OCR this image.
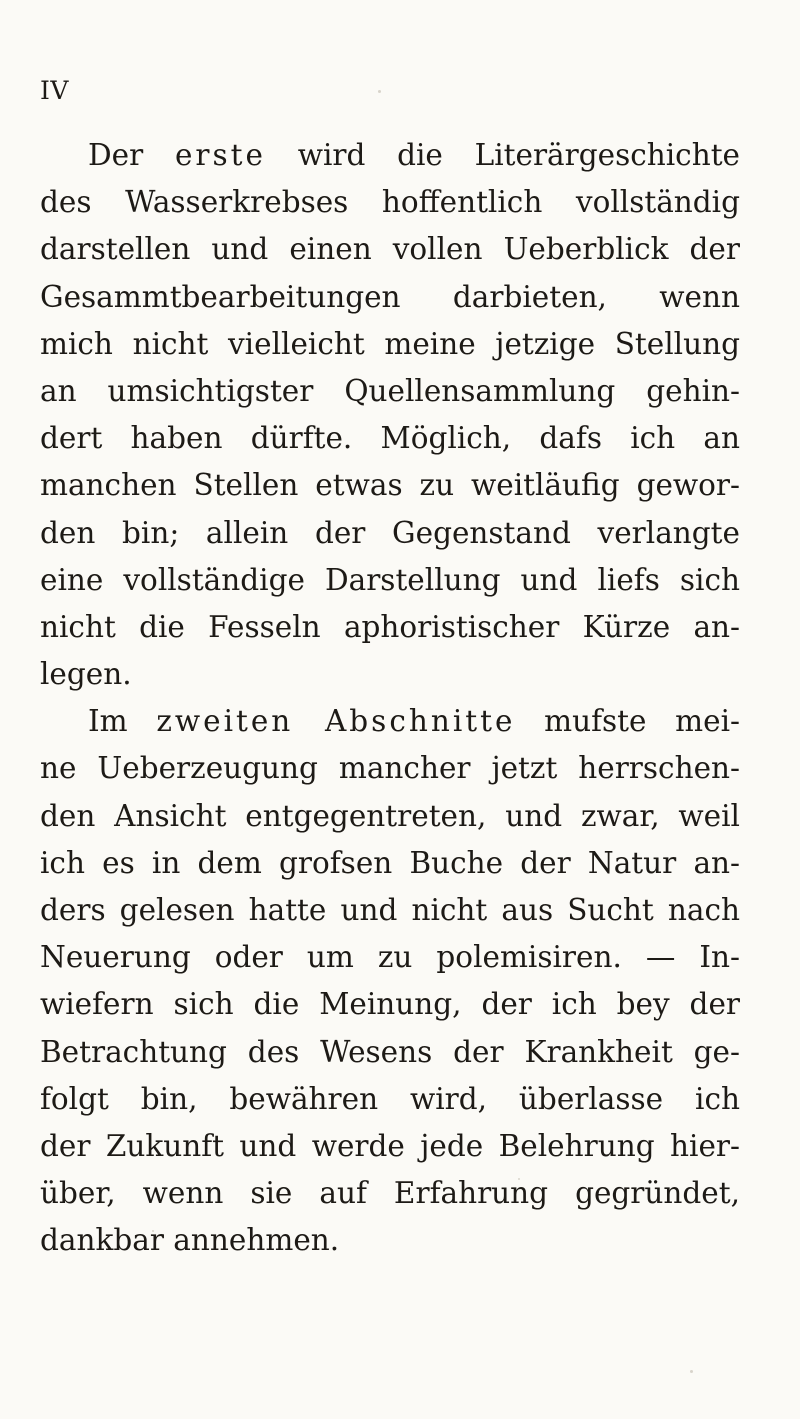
IV
Der erste wird die Literärgeschichte
des Wasserkrebses hoffentlich vollständig
darstellen und einen vollen Ueberblick der
Gesammtbearbeitungen darbieten, wenn
mich nicht vielleicht meine jetzige Stellung
an umsichtigster Quellensammlung gehin-
dert haben dürfte. Möglich, dafs ich an
manchen Stellen etwas zu weitläufig gewor-
den bin; allein der Gegenstand verlangte
eine vollständige Darstellung und liefs sich
nicht die Fesseln aphoristischer Kürze an-
legen.
Im zweiten Abschnitte mufste mei-
ne Ueberzeugung mancher jetzt herrschen-
den Ansicht entgegentreten, und zwar, weil
ich es in dem grofsen Buche der Natur an-
ders gelesen hatte und nicht aus Sucht nach
Neuerung oder um zu polemisiren. — In-
wiefern sich die Meinung, der ich bey der
Betrachtung des Wesens der Krankheit ge-
folgt bin, bewähren wird, überlasse ich
der Zukunft und werde jede Belehrung hier-
über, wenn sie auf Erfahrung gegründet,
dankbar annehmen.
